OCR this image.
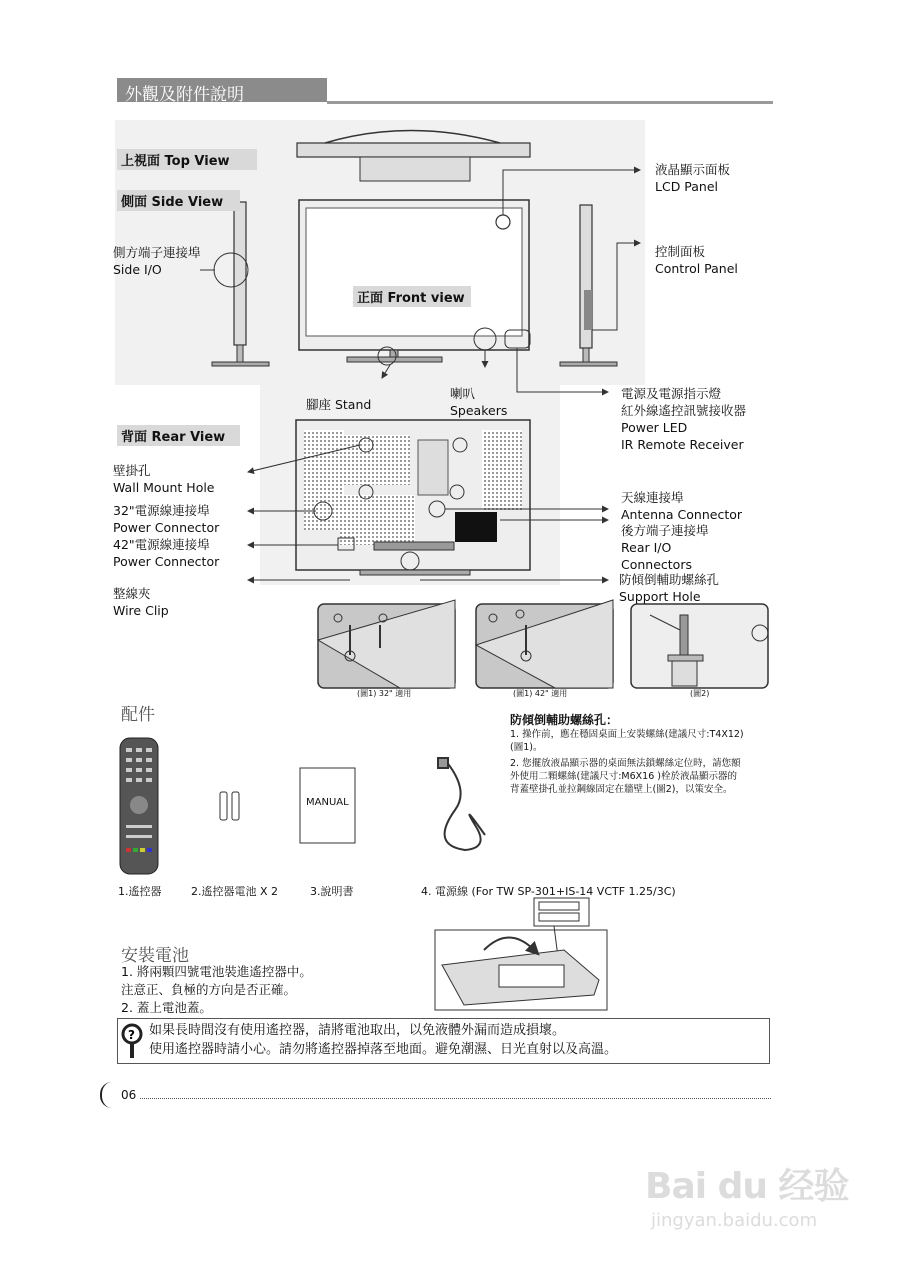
外觀及附件說明
上視面 Top View
側面 Side View
正面 Front view
背面 Rear View
側方端子連接埠
Side I/O
液晶顯示面板
LCD Panel
控制面板
Control Panel
腳座 Stand
喇叭
Speakers
電源及電源指示燈
紅外線遙控訊號接收器
Power LED
IR Remote Receiver
壁掛孔
Wall Mount Hole
32"電源線連接埠
Power Connector
42"電源線連接埠
Power Connector
整線夾
Wire Clip
天線連接埠
Antenna Connector
後方端子連接埠
Rear I/O
Connectors
防傾倒輔助螺絲孔
Support Hole
(圖1) 32" 適用	(圖1) 42" 適用	(圖2)
配件
MANUAL
1.遙控器	2.遙控器電池 X 2	3.說明書	4. 電源線 (For TW SP-301+IS-14 VCTF 1.25/3C)
防傾倒輔助螺絲孔：
1. 操作前，應在穩固桌面上安裝螺絲(建議尺寸:T4X12)
(圖1)。
2. 您擺放液晶顯示器的桌面無法鎖螺絲定位時，請您額
外使用二顆螺絲(建議尺寸:M6X16 )栓於液晶顯示器的
背蓋壁掛孔並拉鋼線固定在牆壁上(圖2)，以策安全。
安裝電池
1. 將兩顆四號電池裝進遙控器中。
注意正、負極的方向是否正確。
2. 蓋上電池蓋。
? 如果長時間沒有使用遙控器，請將電池取出，以免液體外漏而造成損壞。
使用遙控器時請小心。請勿將遙控器掉落至地面。避免潮濕、日光直射以及高溫。
06
Bai du 经验
jingyan.baidu.com
